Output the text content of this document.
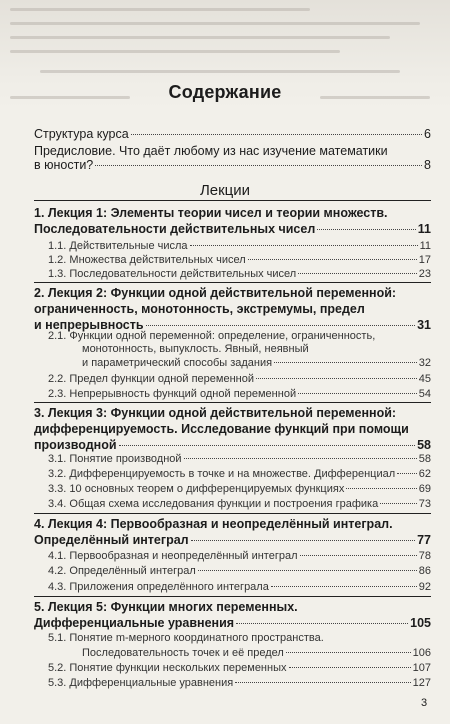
Содержание
Структура курса	6
Предисловие. Что даёт любому из нас изучение математики
в юности?	8
Лекции
1. Лекция 1: Элементы теории чисел и теории множеств.
Последовательности действительных чисел	11
1.1. Действительные числа	11
1.2. Множества действительных чисел	17
1.3. Последовательности действительных чисел	23
2. Лекция 2: Функции одной действительной переменной:
ограниченность, монотонность, экстремумы, предел
и непрерывность	31
2.1. Функции одной переменной: определение, ограниченность,
монотонность, выпуклость. Явный, неявный
и параметрический способы задания	32
2.2. Предел функции одной переменной	45
2.3. Непрерывность функций одной переменной	54
3. Лекция 3: Функции одной действительной переменной:
дифференцируемость. Исследование функций при помощи
производной	58
3.1. Понятие производной	58
3.2. Дифференцируемость в точке и на множестве. Дифференциал 62
3.3. 10 основных теорем о дифференцируемых функциях	69
3.4. Общая схема исследования функции и построения графика	73
4. Лекция 4: Первообразная и неопределённый интеграл.
Определённый интеграл	77
4.1. Первообразная и неопределённый интеграл	78
4.2. Определённый интеграл	86
4.3. Приложения определённого интеграла	92
5. Лекция 5: Функции многих переменных.
Дифференциальные уравнения	105
5.1. Понятие m-мерного координатного пространства.
Последовательность точек и её предел	106
5.2. Понятие функции нескольких переменных	107
5.3. Дифференциальные уравнения	127
3
